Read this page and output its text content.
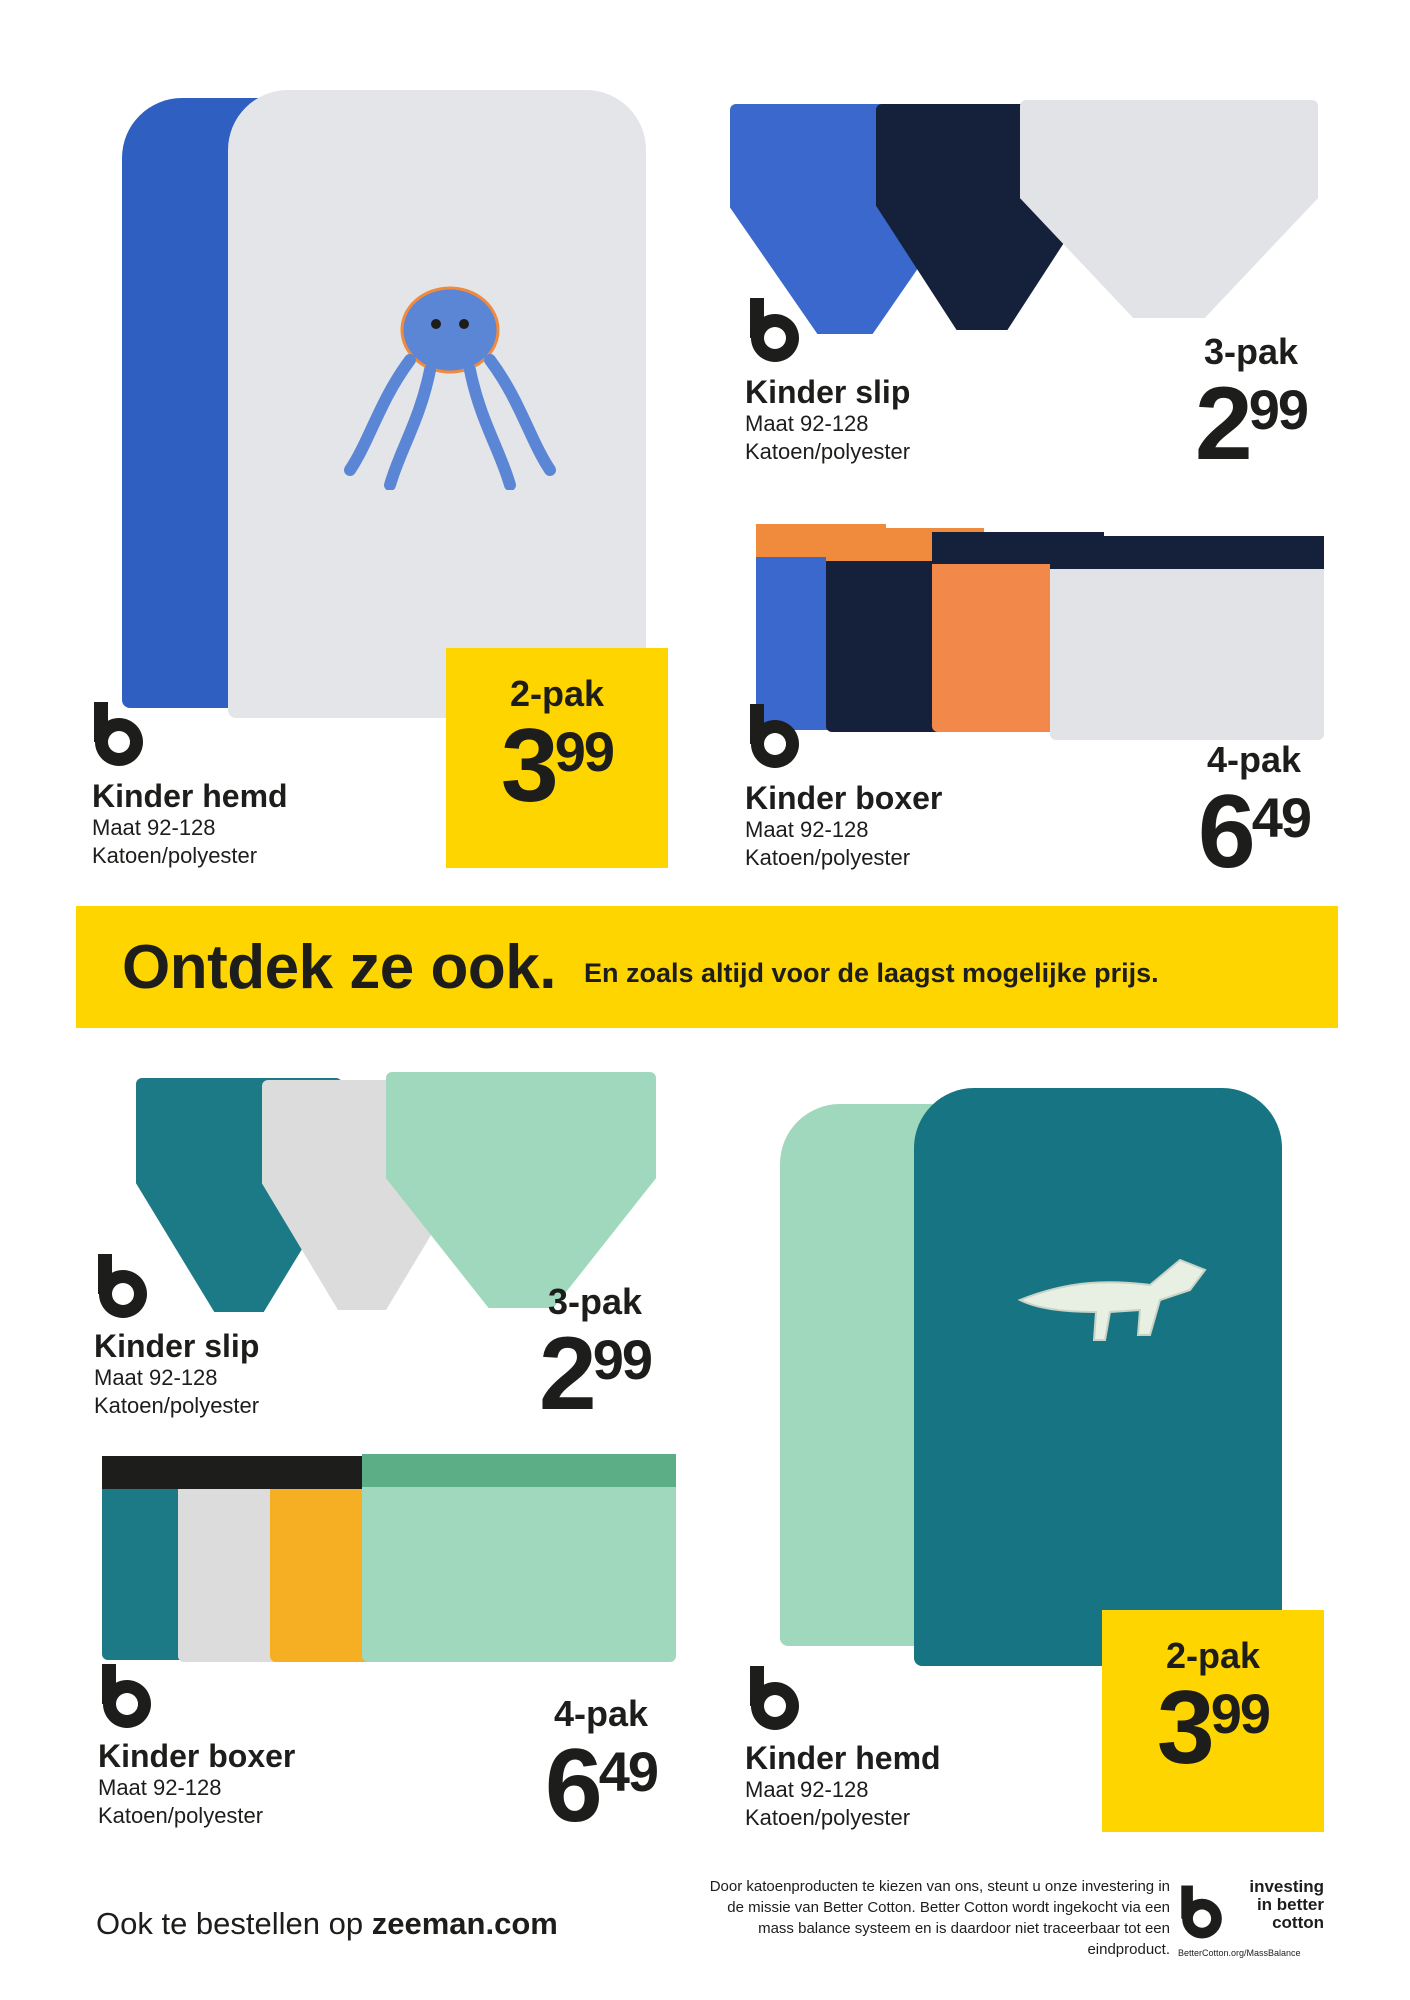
Kinder hemd
Maat 92-128
Katoen/polyester
2-pak
3 99
Kinder slip
Maat 92-128
Katoen/polyester
3-pak
2 99
Kinder boxer
Maat 92-128
Katoen/polyester
4-pak
6 49
Ontdek ze ook. En zoals altijd voor de laagst mogelijke prijs.
Kinder slip
Maat 92-128
Katoen/polyester
3-pak
2 99
Kinder boxer
Maat 92-128
Katoen/polyester
4-pak
6 49	Kinder hemd
Maat 92-128
Katoen/polyester
2-pak
3 99
Ook te bestellen op zeeman.com
Door katoenproducten te kiezen van ons, steunt u onze investering in de missie van Better Cotton. Better Cotton wordt ingekocht via een mass balance systeem en is daardoor niet traceerbaar tot een eindproduct.
investing in better cotton
BetterCotton.org/MassBalance
